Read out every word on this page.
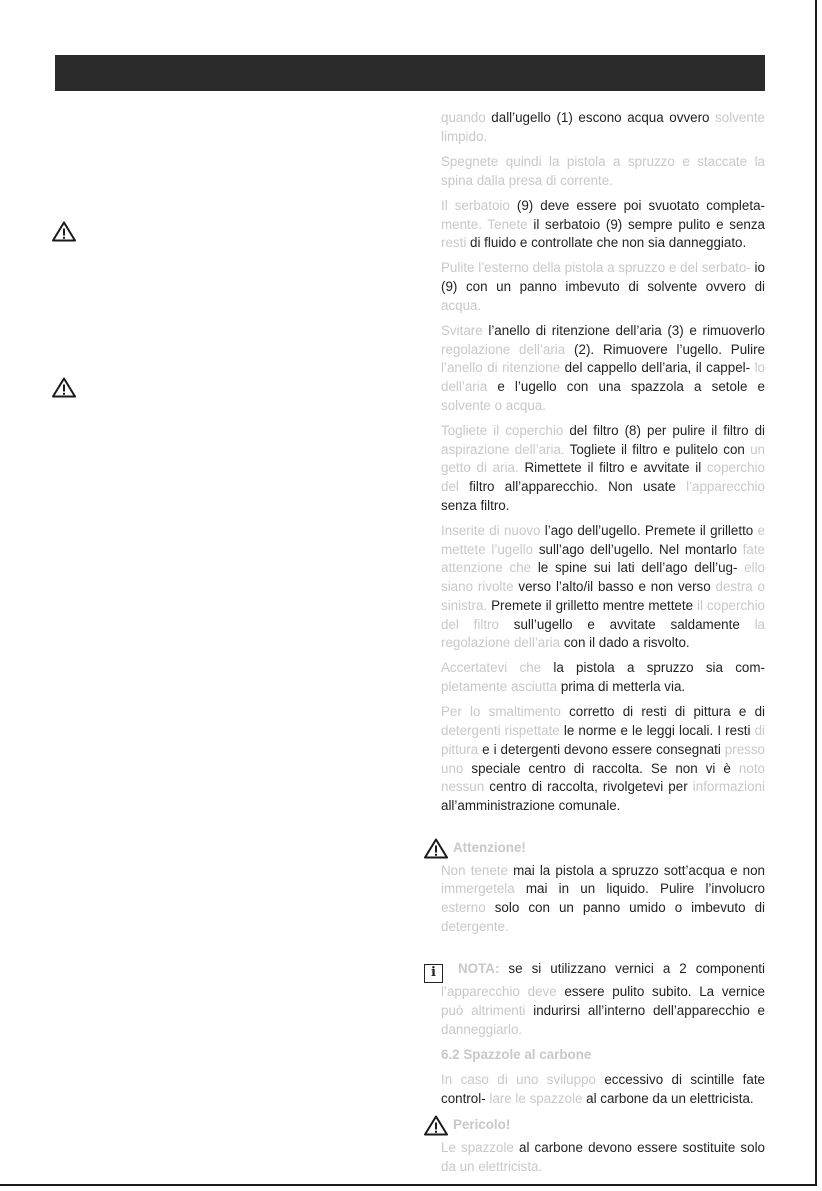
quando dall’ugello (1) escono acqua ovvero solvente limpido.

Spegnete quindi la pistola a spruzzo e staccate la spina dalla presa di corrente.

Il serbatoio (9) deve essere poi svuotato completa- mente. Tenete il serbatoio (9) sempre pulito e senza resti di fluido e controllate che non sia danneggiato.

Pulite l’esterno della pistola a spruzzo e del serbato- io (9) con un panno imbevuto di solvente ovvero di acqua.

Svitare l’anello di ritenzione dell’aria (3) e rimuoverlo regolazione dell’aria (2). Rimuovere l’ugello. Pulire l’anello di ritenzione del cappello dell’aria, il cappel- lo dell’aria e l’ugello con una spazzola a setole e solvente o acqua.

Togliete il coperchio del filtro (8) per pulire il filtro di aspirazione dell’aria. Togliete il filtro e pulitelo con un getto di aria. Rimettete il filtro e avvitate il coperchio del filtro all’apparecchio. Non usate l’apparecchio senza filtro.

Inserite di nuovo l’ago dell’ugello. Premete il grilletto e mettete l’ugello sull’ago dell’ugello. Nel montarlo fate attenzione che le spine sui lati dell’ago dell’ug- ello siano rivolte verso l’alto/il basso e non verso destra o sinistra. Premete il grilletto mentre mettete il coperchio del filtro sull’ugello e avvitate saldamente la regolazione dell’aria con il dado a risvolto.

Accertatevi che la pistola a spruzzo sia com- pletamente asciutta prima di metterla via.

Per lo smaltimento corretto di resti di pittura e di detergenti rispettate le norme e le leggi locali. I resti di pittura e i detergenti devono essere consegnati presso uno speciale centro di raccolta. Se non vi è noto nessun centro di raccolta, rivolgetevi per informazioni all’amministrazione comunale.

Attenzione!

Non tenete mai la pistola a spruzzo sott’acqua e non immergetela mai in un liquido. Pulire l’involucro esterno solo con un panno umido o imbevuto di detergente.

i NOTA: se si utilizzano vernici a 2 componenti l’apparecchio deve essere pulito subito. La vernice può altrimenti indurirsi all’interno dell’apparecchio e danneggiarlo.

6.2 Spazzole al carbone

In caso di uno sviluppo eccessivo di scintille fate control- lare le spazzole al carbone da un elettricista.

Pericolo!

Le spazzole al carbone devono essere sostituite solo da un elettricista.
